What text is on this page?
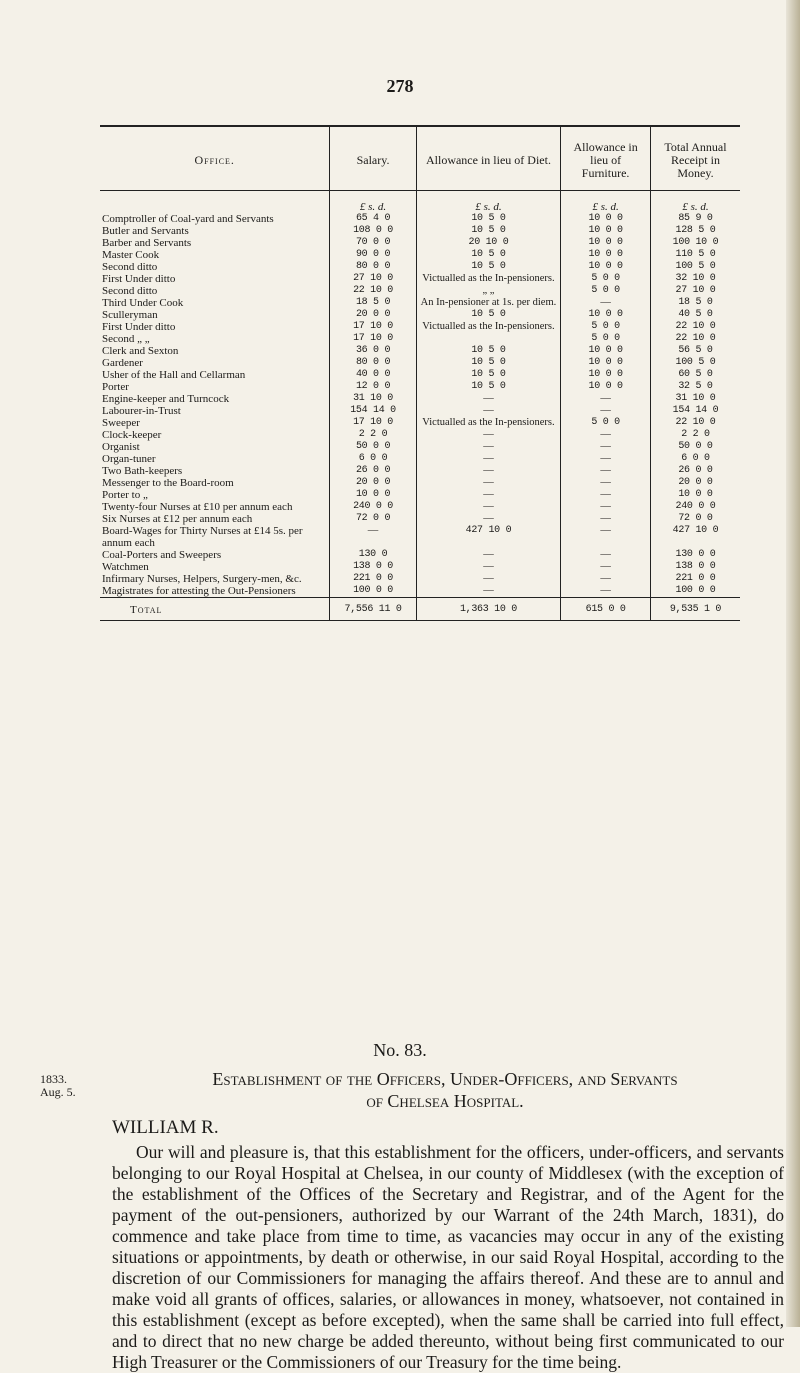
278
Office.	Salary.	Allowance in lieu of Diet.	Allowance in lieu of Furniture.	Total Annual Receipt in Money.
	£ s. d.	£ s. d.	£ s. d.	£ s. d.
Comptroller of Coal-yard and Servants	65 4 0	10 5 0	10 0 0	85 9 0
Butler and Servants	108 0 0	10 5 0	10 0 0	128 5 0
Barber and Servants	70 0 0	20 10 0	10 0 0	100 10 0
Master Cook	90 0 0	10 5 0	10 0 0	110 5 0
Second ditto	80 0 0	10 5 0	10 0 0	100 5 0
First Under ditto	27 10 0	Victualled as the In-pensioners.	5 0 0	32 10 0
Second ditto	22 10 0	„ „	5 0 0	27 10 0
Third Under Cook	18 5 0	An In-pensioner at 1s. per diem.	—	18 5 0
Sculleryman	20 0 0	10 5 0	10 0 0	40 5 0
First Under ditto	17 10 0	Victualled as the In-pensioners.	5 0 0	22 10 0
Second „ „	17 10 0		5 0 0	22 10 0
Clerk and Sexton	36 0 0	10 5 0	10 0 0	56 5 0
Gardener	80 0 0	10 5 0	10 0 0	100 5 0
Usher of the Hall and Cellarman	40 0 0	10 5 0	10 0 0	60 5 0
Porter	12 0 0	10 5 0	10 0 0	32 5 0
Engine-keeper and Turncock	31 10 0	—	—	31 10 0
Labourer-in-Trust	154 14 0	—	—	154 14 0
Sweeper	17 10 0	Victualled as the In-pensioners.	5 0 0	22 10 0
Clock-keeper	2 2 0	—	—	2 2 0
Organist	50 0 0	—	—	50 0 0
Organ-tuner	6 0 0	—	—	6 0 0
Two Bath-keepers	26 0 0	—	—	26 0 0
Messenger to the Board-room	20 0 0	—	—	20 0 0
Porter to „	10 0 0	—	—	10 0 0
Twenty-four Nurses at £10 per annum each	240 0 0	—	—	240 0 0
Six Nurses at £12 per annum each	72 0 0	—	—	72 0 0
Board-Wages for Thirty Nurses at £14 5s. per annum each	—	427 10 0	—	427 10 0
Coal-Porters and Sweepers	130 0	—	—	130 0 0
Watchmen	138 0 0	—	—	138 0 0
Infirmary Nurses, Helpers, Surgery-men, &c.	221 0 0	—	—	221 0 0
Magistrates for attesting the Out-Pensioners	100 0 0	—	—	100 0 0
Total	7,556 11 0	1,363 10 0	615 0 0	9,535 1 0
No. 83.
1833.
Aug. 5.
Establishment of the Officers, Under-Officers, and Servants
of Chelsea Hospital.
WILLIAM R.

Our will and pleasure is, that this establishment for the officers, under-officers, and servants belonging to our Royal Hospital at Chelsea, in our county of Middlesex (with the exception of the establishment of the Offices of the Secretary and Registrar, and of the Agent for the payment of the out-pensioners, authorized by our Warrant of the 24th March, 1831), do commence and take place from time to time, as vacancies may occur in any of the existing situations or appointments, by death or otherwise, in our said Royal Hospital, according to the discretion of our Commissioners for managing the affairs thereof. And these are to annul and make void all grants of offices, salaries, or allowances in money, whatsoever, not contained in this establishment (except as before excepted), when the same shall be carried into full effect, and to direct that no new charge be added thereunto, without being first communicated to our High Treasurer or the Commissioners of our Treasury for the time being.
